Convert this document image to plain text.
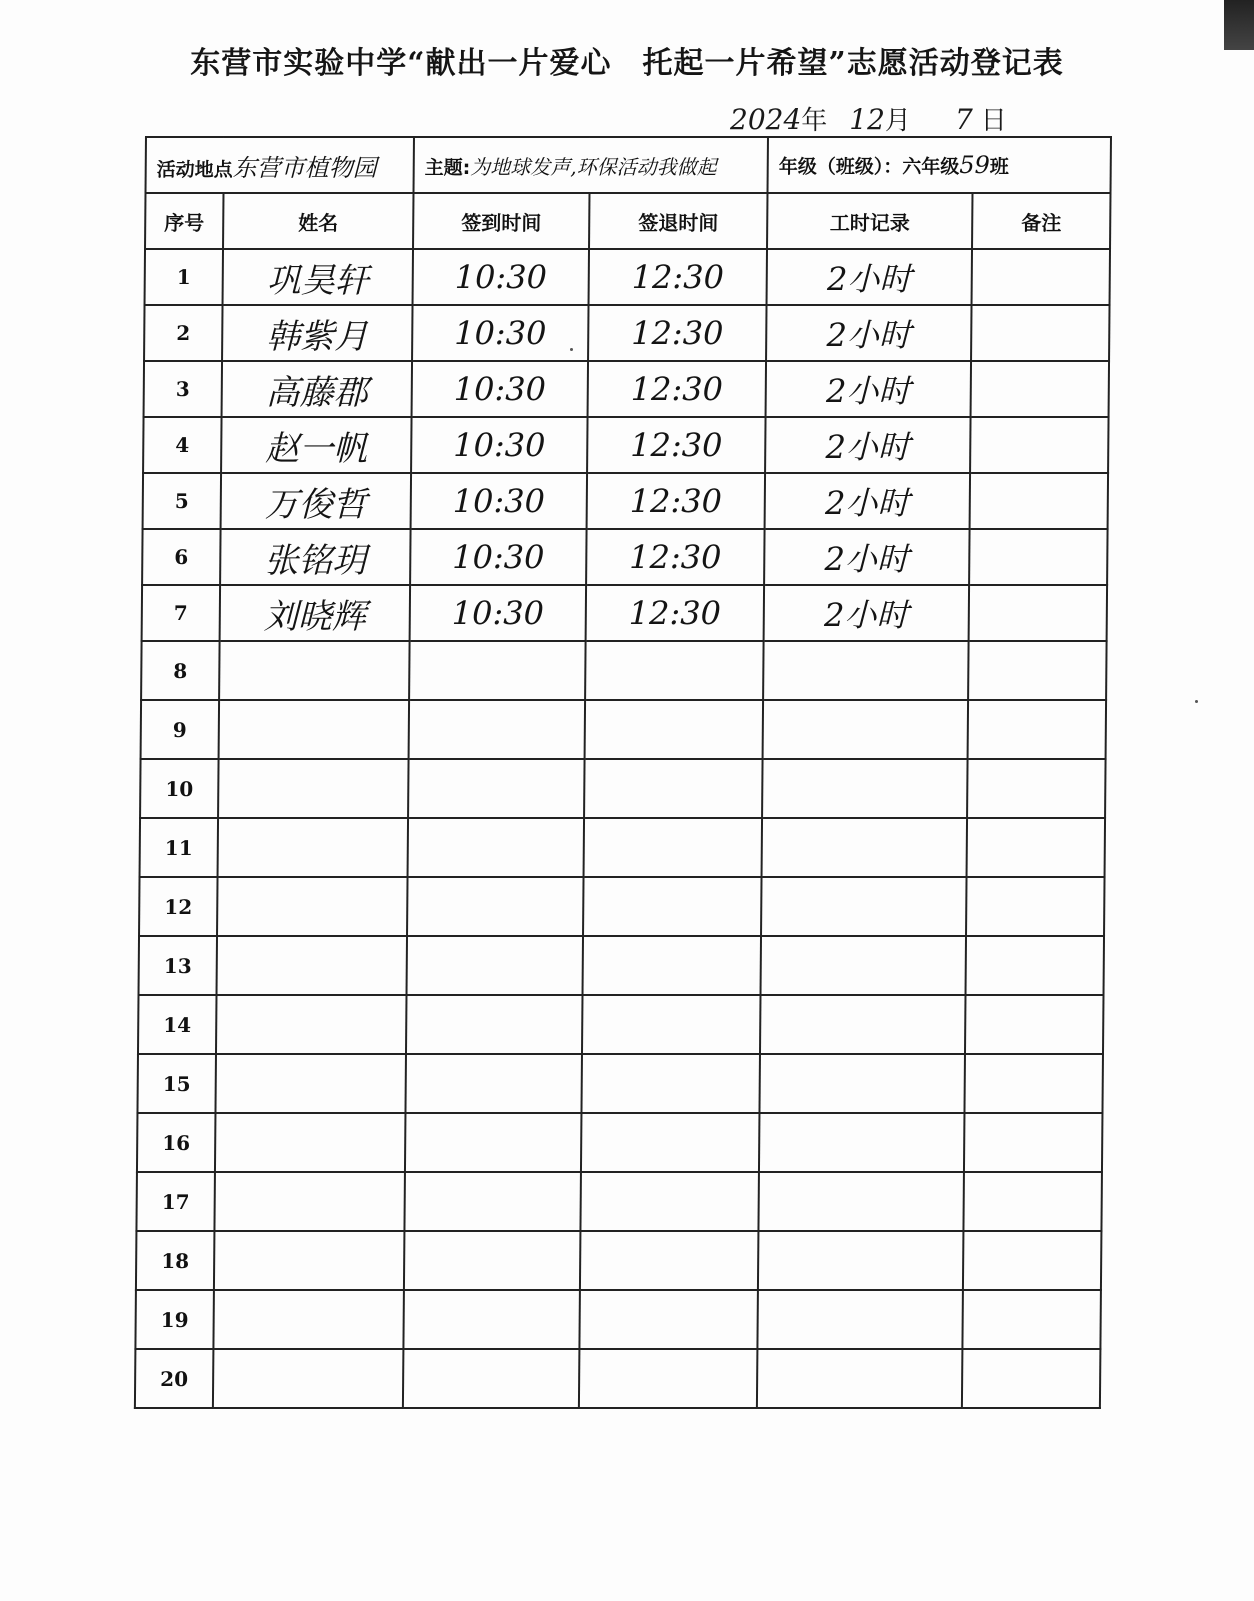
东营市实验中学“献出一片爱心　托起一片希望”志愿活动登记表
2024年 12月 7 日
活动地点东营市植物园		主题:为地球发声,环保活动我做起		年级（班级）：六年级59班	
序号	姓名	签到时间	签退时间	工时记录	备注
1	巩昊轩	10:30	12:30	2小时	
2	韩紫月	10:30	12:30	2小时	
3	高藤郡	10:30	12:30	2小时	
4	赵一帆	10:30	12:30	2小时	
5	万俊哲	10:30	12:30	2小时	
6	张铭玥	10:30	12:30	2小时	
7	刘晓辉	10:30	12:30	2小时	
8					
9					
10					
11					
12					
13					
14					
15					
16					
17					
18					
19					
20					
